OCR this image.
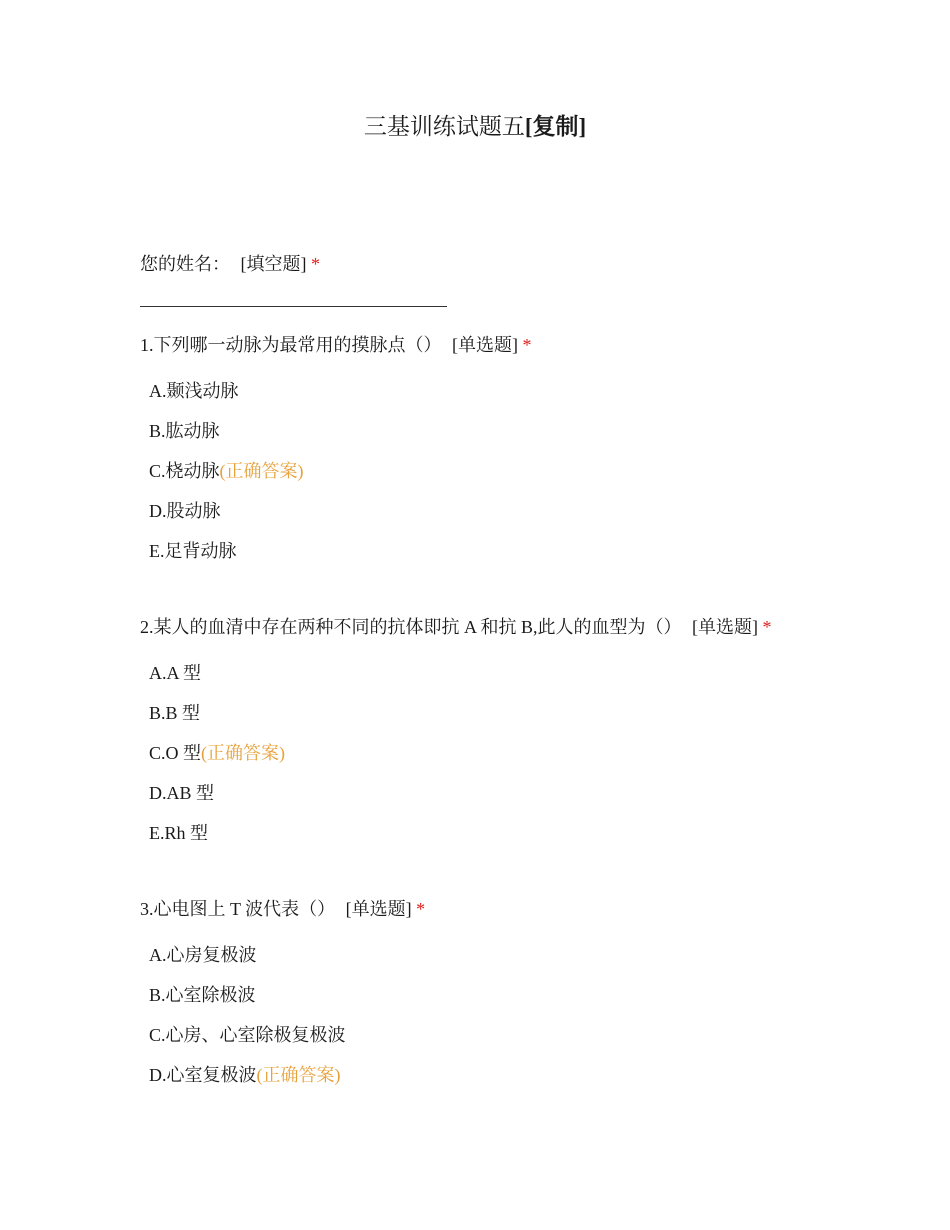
三基训练试题五[复制]
您的姓名： [填空题] *
1.下列哪一动脉为最常用的摸脉点（） [单选题] *
A.颞浅动脉
B.肱动脉
C.桡动脉(正确答案)
D.股动脉
E.足背动脉
2.某人的血清中存在两种不同的抗体即抗 A 和抗 B,此人的血型为（） [单选题] *
A.A 型
B.B 型
C.O 型(正确答案)
D.AB 型
E.Rh 型
3.心电图上 T 波代表（） [单选题] *
A.心房复极波
B.心室除极波
C.心房、心室除极复极波
D.心室复极波(正确答案)
